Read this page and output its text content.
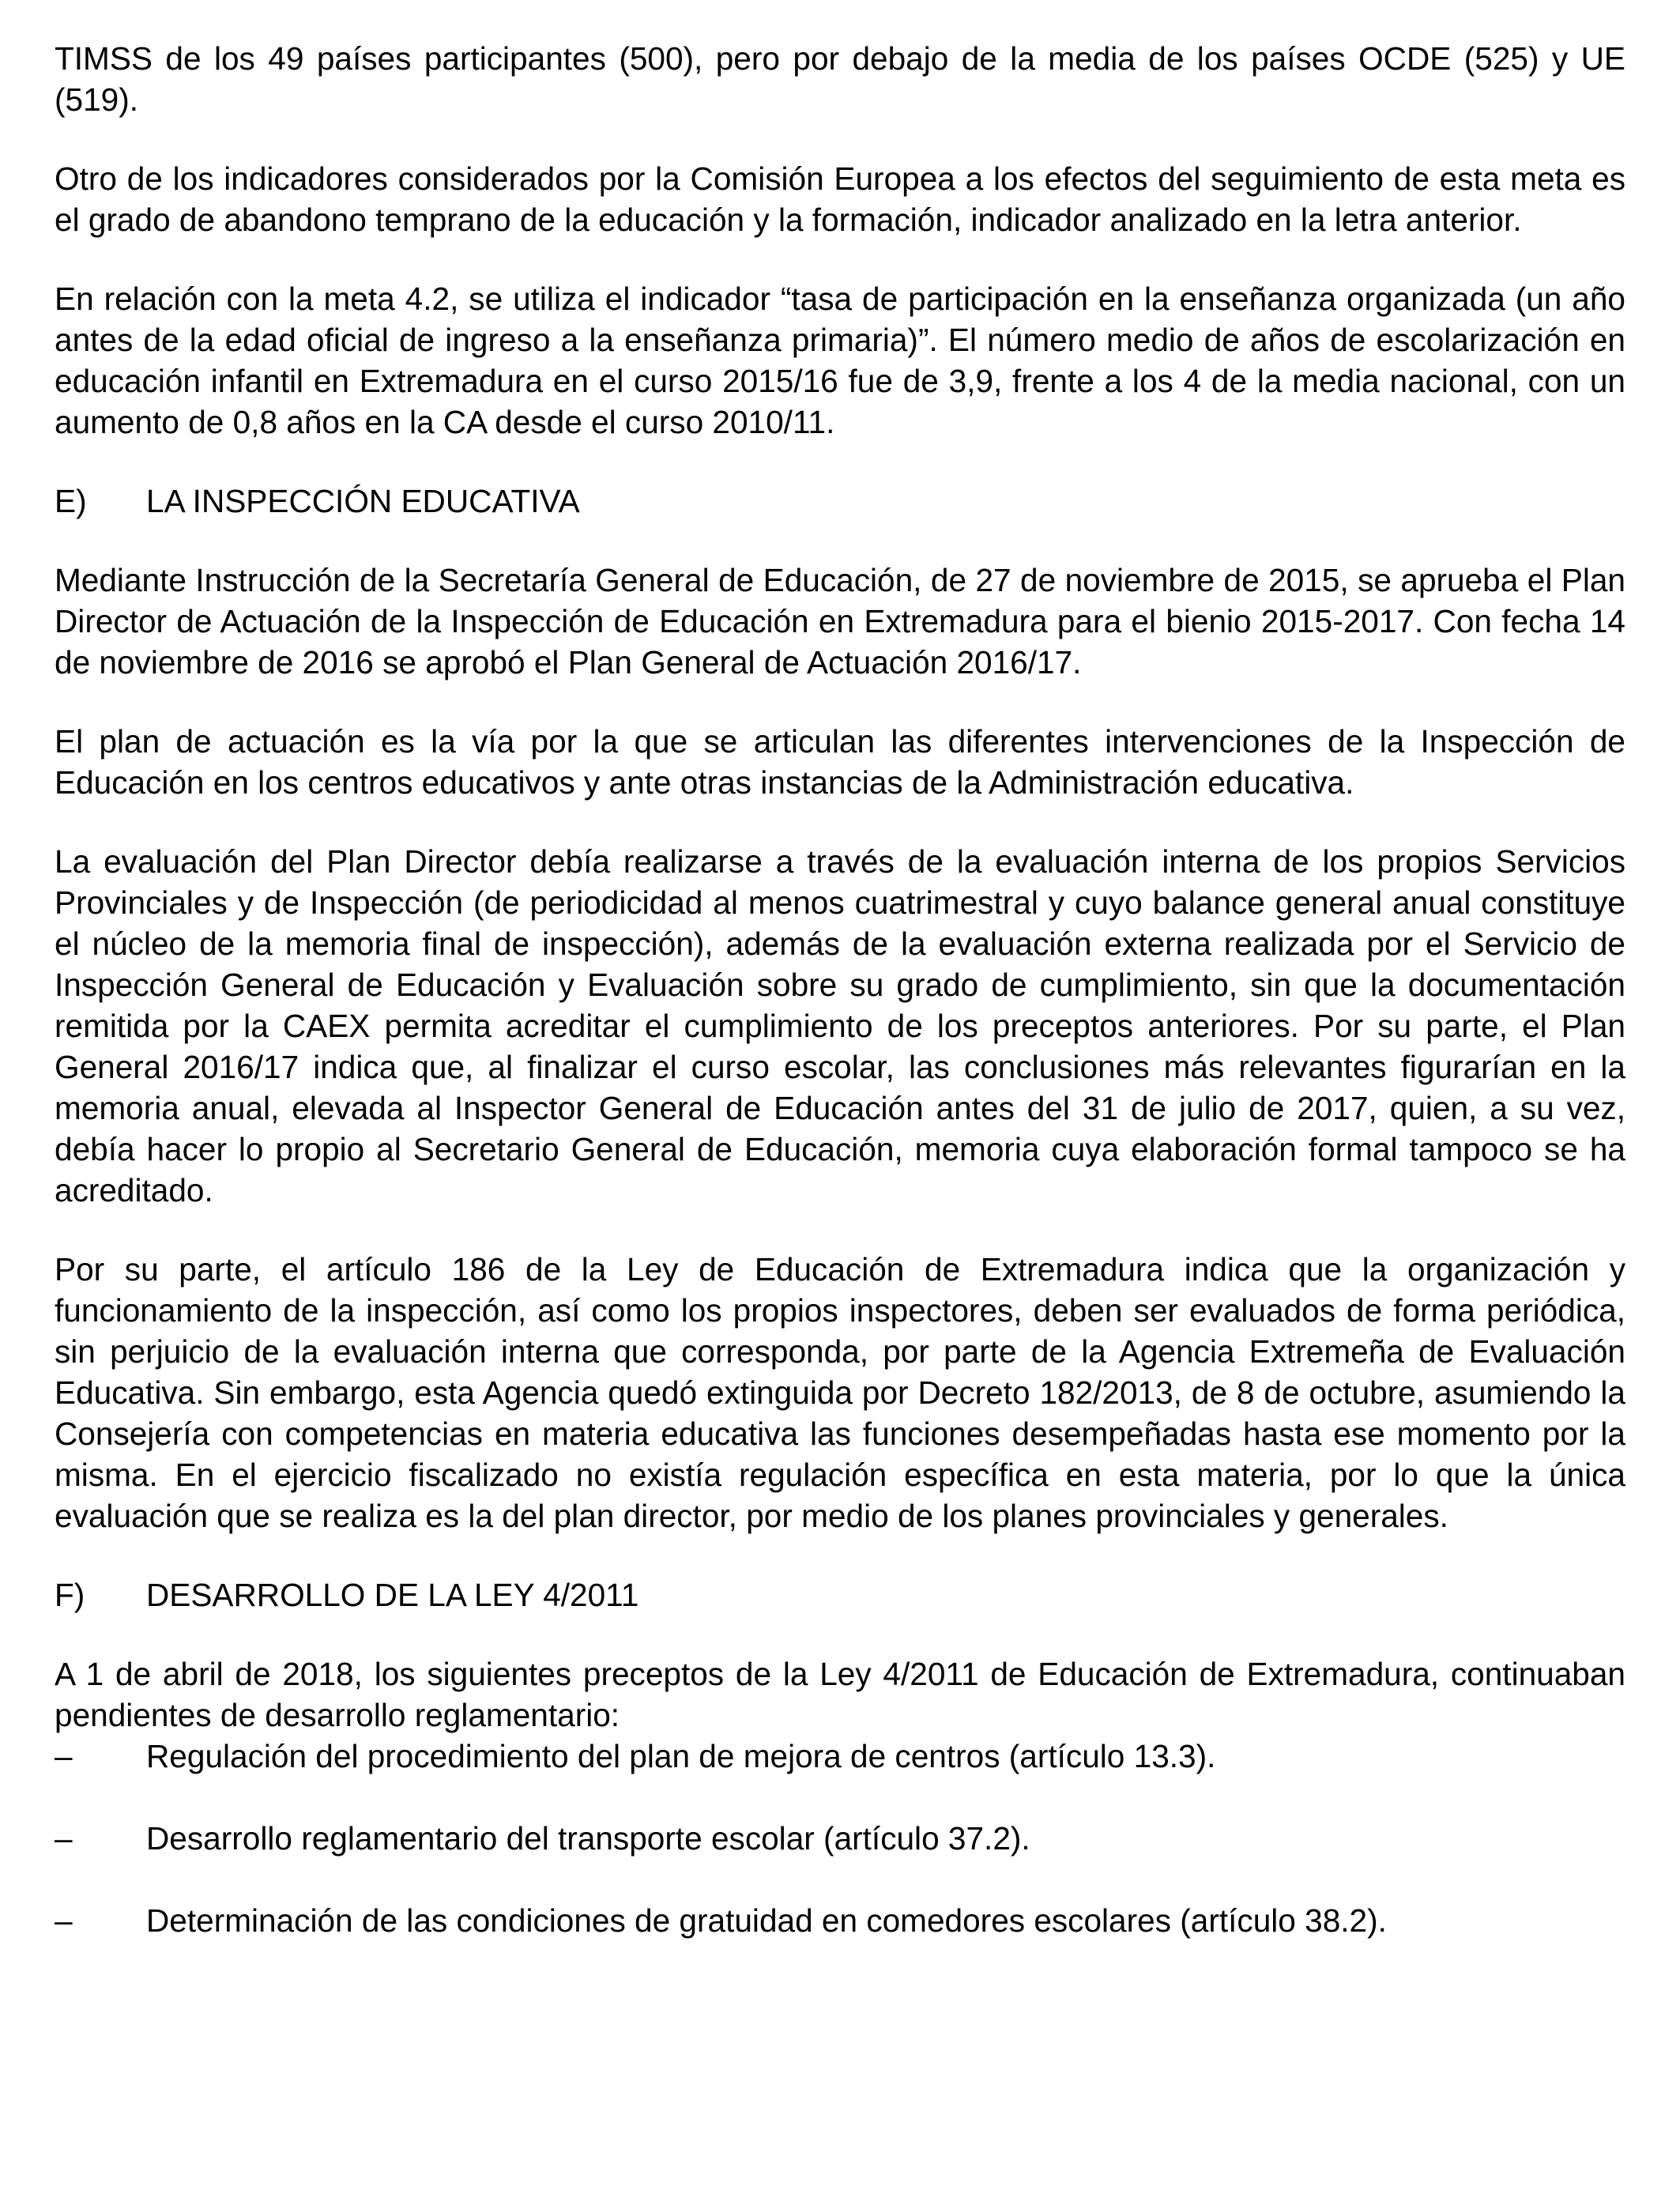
TIMSS de los 49 países participantes (500), pero por debajo de la media de los países OCDE (525) y UE (519).

Otro de los indicadores considerados por la Comisión Europea a los efectos del seguimiento de esta meta es el grado de abandono temprano de la educación y la formación, indicador analizado en la letra anterior.

En relación con la meta 4.2, se utiliza el indicador “tasa de participación en la enseñanza organizada (un año antes de la edad oficial de ingreso a la enseñanza primaria)”. El número medio de años de escolarización en educación infantil en Extremadura en el curso 2015/16 fue de 3,9, frente a los 4 de la media nacional, con un aumento de 0,8 años en la CA desde el curso 2010/11.

E)	LA INSPECCIÓN EDUCATIVA

Mediante Instrucción de la Secretaría General de Educación, de 27 de noviembre de 2015, se aprueba el Plan Director de Actuación de la Inspección de Educación en Extremadura para el bienio 2015-2017. Con fecha 14 de noviembre de 2016 se aprobó el Plan General de Actuación 2016/17.

El plan de actuación es la vía por la que se articulan las diferentes intervenciones de la Inspección de Educación en los centros educativos y ante otras instancias de la Administración educativa.

La evaluación del Plan Director debía realizarse a través de la evaluación interna de los propios Servicios Provinciales y de Inspección (de periodicidad al menos cuatrimestral y cuyo balance general anual constituye el núcleo de la memoria final de inspección), además de la evaluación externa realizada por el Servicio de Inspección General de Educación y Evaluación sobre su grado de cumplimiento, sin que la documentación remitida por la CAEX permita acreditar el cumplimiento de los preceptos anteriores. Por su parte, el Plan General 2016/17 indica que, al finalizar el curso escolar, las conclusiones más relevantes figurarían en la memoria anual, elevada al Inspector General de Educación antes del 31 de julio de 2017, quien, a su vez, debía hacer lo propio al Secretario General de Educación, memoria cuya elaboración formal tampoco se ha acreditado.

Por su parte, el artículo 186 de la Ley de Educación de Extremadura indica que la organización y funcionamiento de la inspección, así como los propios inspectores, deben ser evaluados de forma periódica, sin perjuicio de la evaluación interna que corresponda, por parte de la Agencia Extremeña de Evaluación Educativa. Sin embargo, esta Agencia quedó extinguida por Decreto 182/2013, de 8 de octubre, asumiendo la Consejería con competencias en materia educativa las funciones desempeñadas hasta ese momento por la misma. En el ejercicio fiscalizado no existía regulación específica en esta materia, por lo que la única evaluación que se realiza es la del plan director, por medio de los planes provinciales y generales.

F)	DESARROLLO DE LA LEY 4/2011

A 1 de abril de 2018, los siguientes preceptos de la Ley 4/2011 de Educación de Extremadura, continuaban pendientes de desarrollo reglamentario:

–	Regulación del procedimiento del plan de mejora de centros (artículo 13.3).
–	Desarrollo reglamentario del transporte escolar (artículo 37.2).
–	Determinación de las condiciones de gratuidad en comedores escolares (artículo 38.2).
